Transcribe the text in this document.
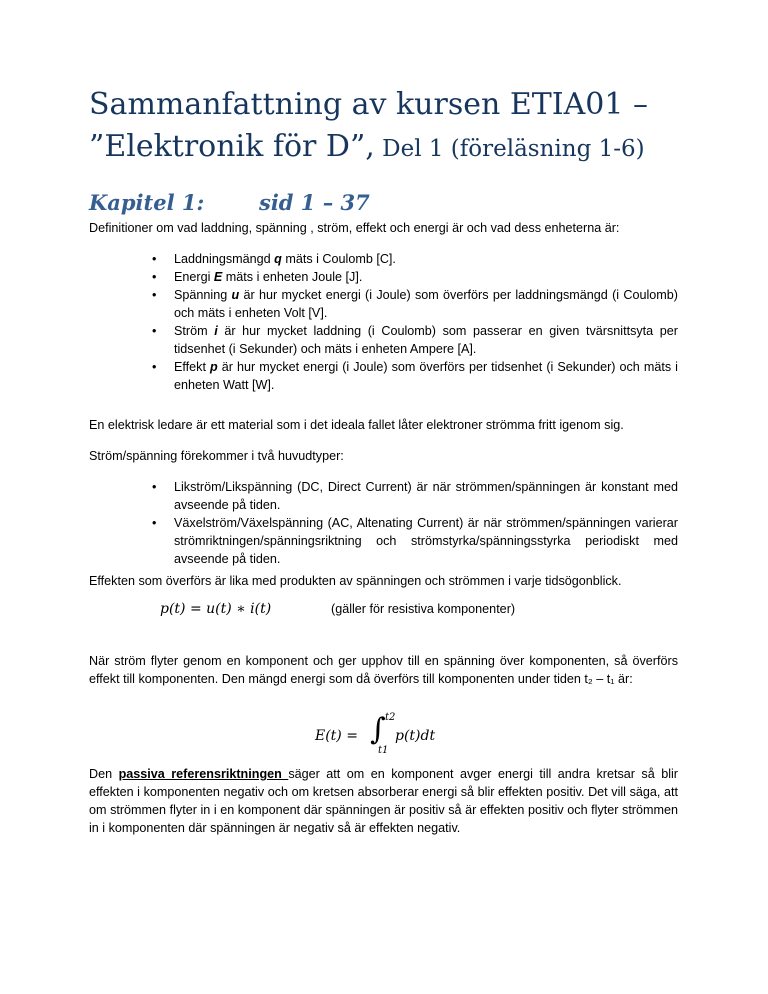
Sammanfattning av kursen ETIA01 –
”Elektronik för D”, Del 1 (föreläsning 1-6)
Kapitel 1:	sid 1 – 37

Definitioner om vad laddning, spänning , ström, effekt och energi är och vad dess enheterna är:

• Laddningsmängd q mäts i Coulomb [C].
• Energi E mäts i enheten Joule [J].
• Spänning u är hur mycket energi (i Joule) som överförs per laddningsmängd (i Coulomb) och mäts i enheten Volt [V].
• Ström i är hur mycket laddning (i Coulomb) som passerar en given tvärsnittsyta per tidsenhet (i Sekunder) och mäts i enheten Ampere [A].
• Effekt p är hur mycket energi (i Joule) som överförs per tidsenhet (i Sekunder) och mäts i enheten Watt [W].

En elektrisk ledare är ett material som i det ideala fallet låter elektroner strömma fritt igenom sig.

Ström/spänning förekommer i två huvudtyper:

• Likström/Likspänning (DC, Direct Current) är när strömmen/spänningen är konstant med avseende på tiden.
• Växelström/Växelspänning (AC, Altenating Current) är när strömmen/spänningen varierar strömriktningen/spänningsriktning och strömstyrka/spänningsstyrka periodiskt med avseende på tiden.

Effekten som överförs är lika med produkten av spänningen och strömmen i varje tidsögonblick.

p(t) = u(t) ∗ i(t)	(gäller för resistiva komponenter)

När ström flyter genom en komponent och ger upphov till en spänning över komponenten, så överförs effekt till komponenten. Den mängd energi som då överförs till komponenten under tiden t₂ – t₁ är:

E(t) = ∫ t2
t1
p(t)dt

Den passiva referensriktningen säger att om en komponent avger energi till andra kretsar så blir effekten i komponenten negativ och om kretsen absorberar energi så blir effekten positiv. Det vill säga, att om strömmen flyter in i en komponent där spänningen är positiv så är effekten positiv och flyter strömmen in i komponenten där spänningen är negativ så är effekten negativ.
